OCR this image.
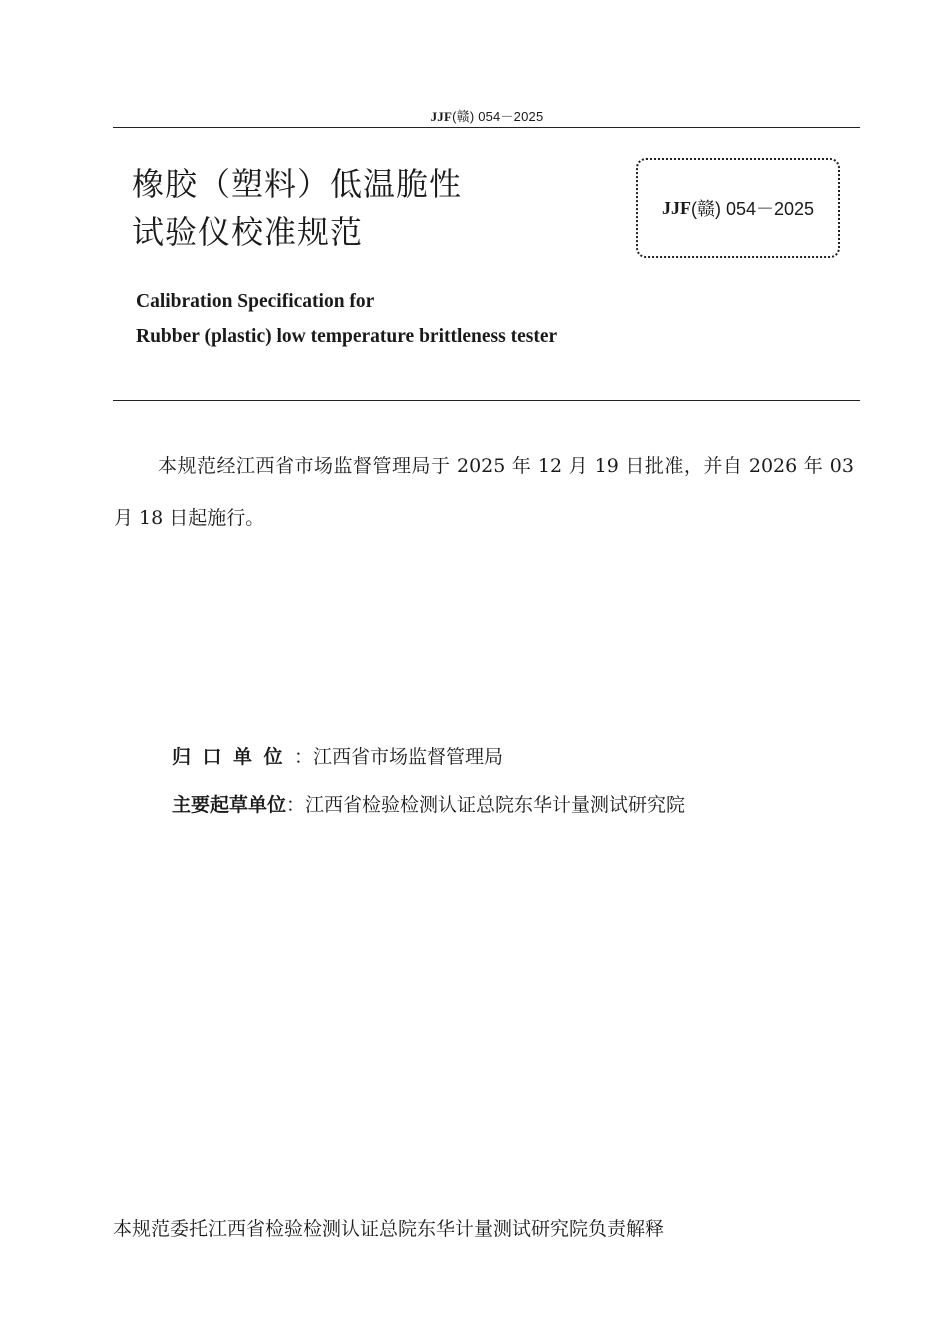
JJF(赣) 054－2025
橡胶（塑料）低温脆性
试验仪校准规范
JJF (赣) 054－2025
Calibration Specification for
Rubber (plastic) low temperature brittleness tester
本规范经江西省市场监督管理局于 2025 年 12 月 19 日批准，并自 2026 年 03 月 18 日起施行。
归口单位：江西省市场监督管理局
主要起草单位：江西省检验检测认证总院东华计量测试研究院
本规范委托江西省检验检测认证总院东华计量测试研究院负责解释
